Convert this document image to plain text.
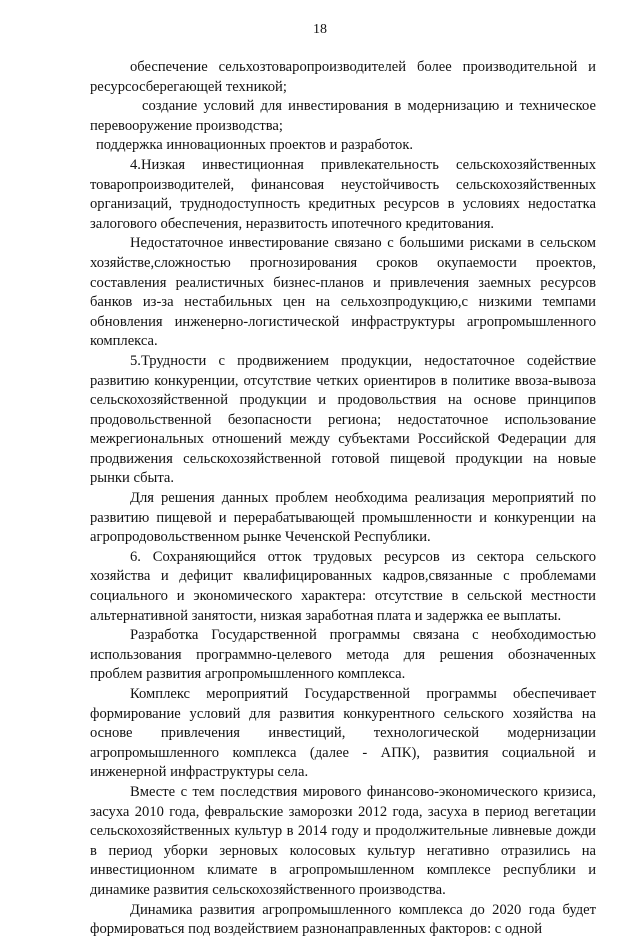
18

обеспечение сельхозтоваропроизводителей более производительной и ресурсосберегающей техникой;

создание условий для инвестирования в модернизацию и техническое перевооружение производства;

поддержка инновационных проектов и разработок.

4.Низкая инвестиционная привлекательность сельскохозяйственных товаропроизводителей, финансовая неустойчивость сельскохозяйственных организаций, труднодоступность кредитных ресурсов в условиях недостатка залогового обеспечения, неразвитость ипотечного кредитования.

Недостаточное инвестирование связано с большими рисками в сельском хозяйстве,сложностью прогнозирования сроков окупаемости проектов, составления реалистичных бизнес-планов и привлечения заемных ресурсов банков из-за нестабильных цен на сельхозпродукцию,с низкими темпами обновления инженерно-логистической инфраструктуры агропромышленного комплекса.

5.Трудности с продвижением продукции, недостаточное содействие развитию конкуренции, отсутствие четких ориентиров в политике ввоза-вывоза сельскохозяйственной продукции и продовольствия на основе принципов продовольственной безопасности региона; недостаточное использование межрегиональных отношений между субъектами Российской Федерации для продвижения сельскохозяйственной готовой пищевой продукции на новые рынки сбыта.

Для решения данных проблем необходима реализация мероприятий по развитию пищевой и перерабатывающей промышленности и конкуренции на агропродовольственном рынке Чеченской Республики.

6. Сохраняющийся отток трудовых ресурсов из сектора сельского хозяйства и дефицит квалифицированных кадров,связанные с проблемами социального и экономического характера: отсутствие в сельской местности альтернативной занятости, низкая заработная плата и задержка ее выплаты.

Разработка Государственной программы связана с необходимостью использования программно-целевого метода для решения обозначенных проблем развития агропромышленного комплекса.

Комплекс мероприятий Государственной программы обеспечивает формирование условий для развития конкурентного сельского хозяйства на основе привлечения инвестиций, технологической модернизации агропромышленного комплекса (далее - АПК), развития социальной и инженерной инфраструктуры села.

Вместе с тем последствия мирового финансово-экономического кризиса, засуха 2010 года, февральские заморозки 2012 года, засуха в период вегетации сельскохозяйственных культур в 2014 году и продолжительные ливневые дожди в период уборки зерновых колосовых культур негативно отразились на инвестиционном климате в агропромышленном комплексе республики и динамике развития сельскохозяйственного производства.

Динамика развития агропромышленного комплекса до 2020 года будет формироваться под воздействием разнонаправленных факторов: с одной
